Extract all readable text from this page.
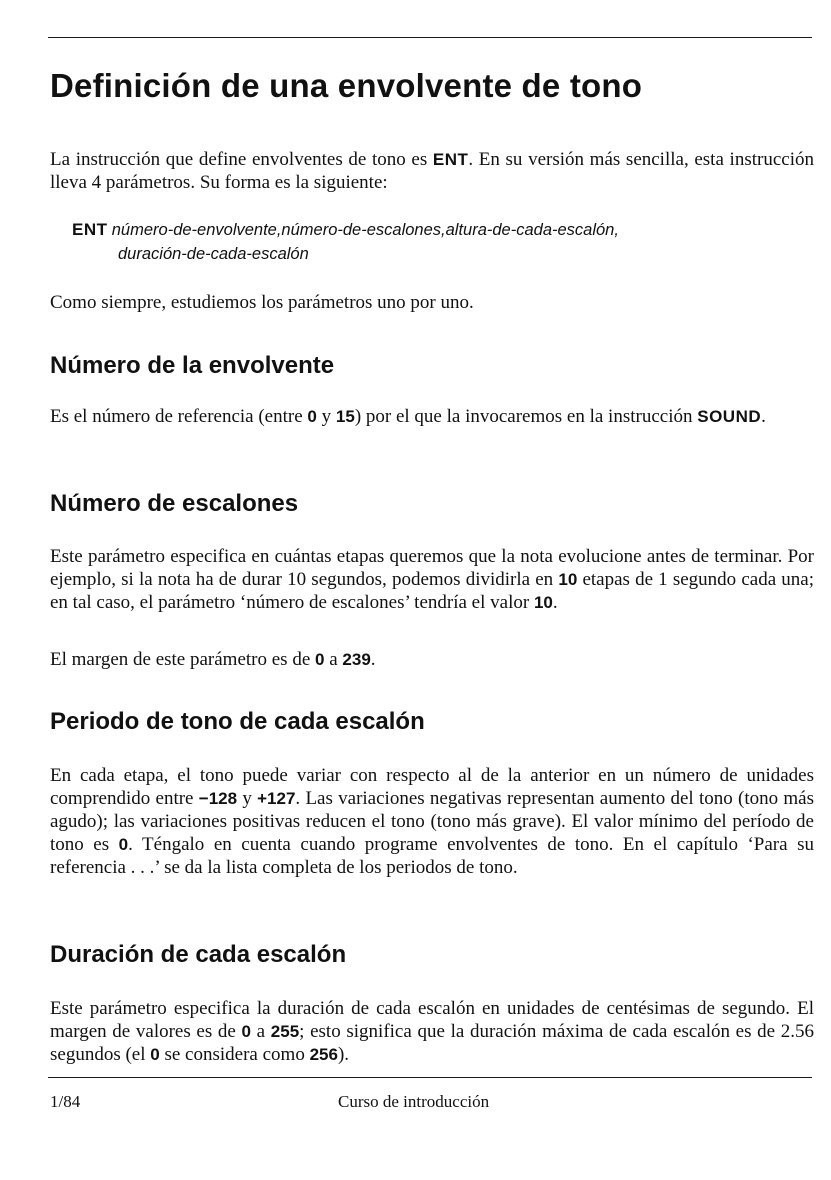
Definición de una envolvente de tono

La instrucción que define envolventes de tono es ENT. En su versión más sencilla, esta instrucción lleva 4 parámetros. Su forma es la siguiente:

ENT número-de-envolvente,número-de-escalones,altura-de-cada-escalón,
duración-de-cada-escalón

Como siempre, estudiemos los parámetros uno por uno.

Número de la envolvente

Es el número de referencia (entre 0 y 15) por el que la invocaremos en la instrucción SOUND.

Número de escalones

Este parámetro especifica en cuántas etapas queremos que la nota evolucione antes de terminar. Por ejemplo, si la nota ha de durar 10 segundos, podemos dividirla en 10 etapas de 1 segundo cada una; en tal caso, el parámetro ‘número de escalones’ tendría el valor 10.

El margen de este parámetro es de 0 a 239.

Periodo de tono de cada escalón

En cada etapa, el tono puede variar con respecto al de la anterior en un número de unidades comprendido entre −128 y +127. Las variaciones negativas representan aumento del tono (tono más agudo); las variaciones positivas reducen el tono (tono más grave). El valor mínimo del período de tono es 0. Téngalo en cuenta cuando programe envolventes de tono. En el capítulo ‘Para su referencia . . .’ se da la lista completa de los periodos de tono.

Duración de cada escalón

Este parámetro especifica la duración de cada escalón en unidades de centésimas de segundo. El margen de valores es de 0 a 255; esto significa que la duración máxima de cada escalón es de 2.56 segundos (el 0 se considera como 256).

1/84	Curso de introducción
